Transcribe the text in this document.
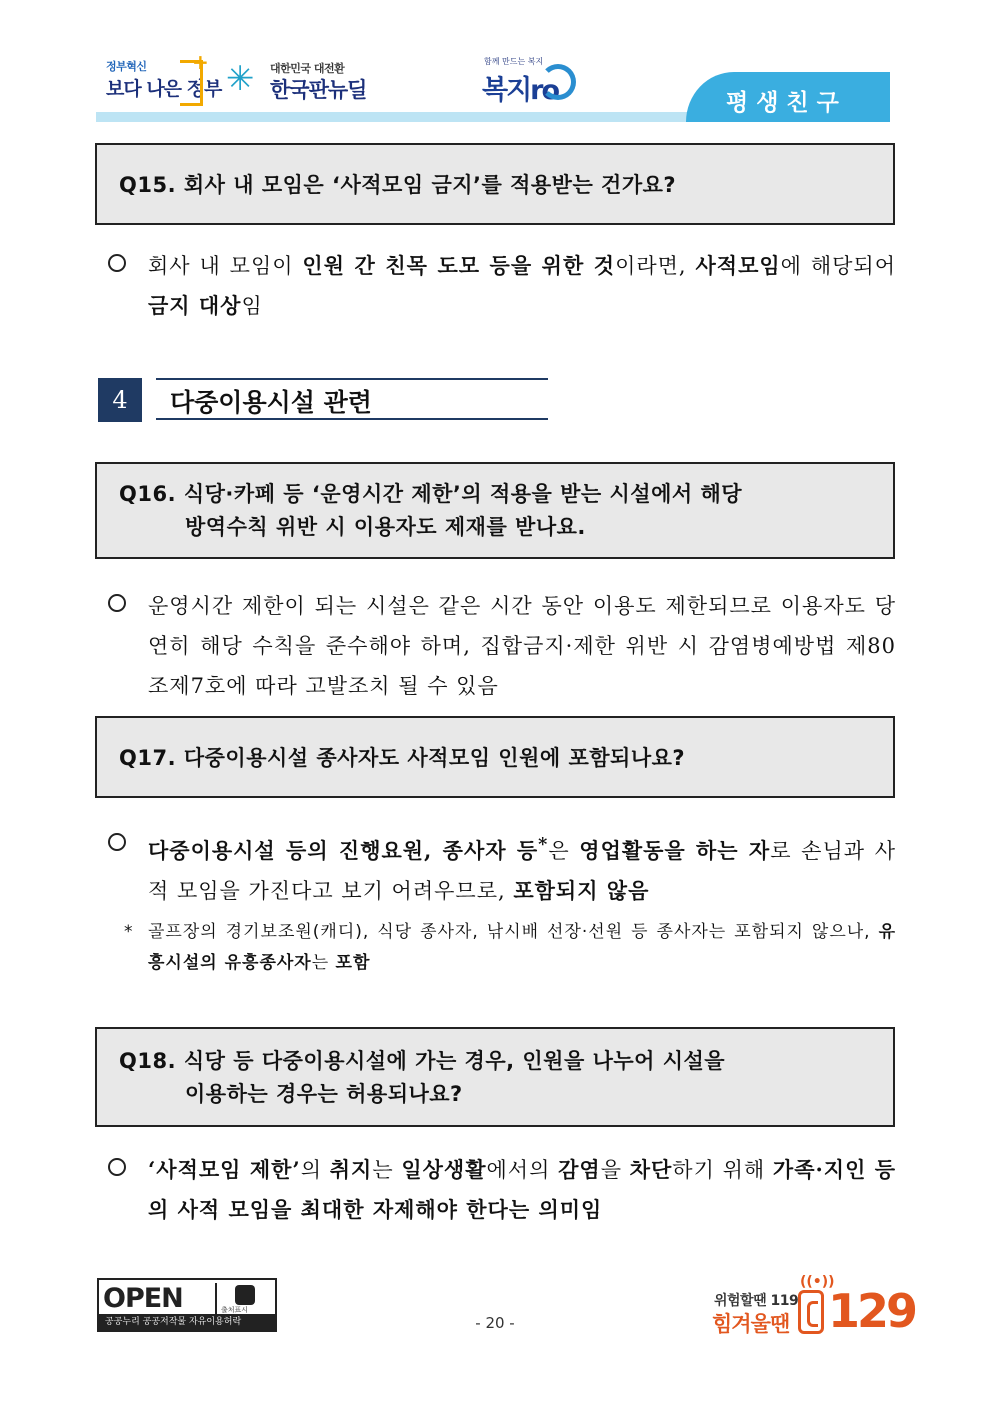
정부혁신
보다 나은 정부
+ ✳ 대한민국 대전환
한국판뉴딜
함께 만드는 복지
복지ro	평생친구
Q15. 회사 내 모임은 ‘사적모임 금지’를 적용받는 건가요?
회사 내 모임이 인원 간 친목 도모 등을 위한 것이라면, 사적모임에 해당되어 금지 대상임
4	다중이용시설 관련
Q16. 식당·카페 등 ‘운영시간 제한’의 적용을 받는 시설에서 해당
방역수칙 위반 시 이용자도 제재를 받나요.
운영시간 제한이 되는 시설은 같은 시간 동안 이용도 제한되므로 이용자도 당연히 해당 수칙을 준수해야 하며, 집합금지·제한 위반 시 감염병예방법 제80조제7호에 따라 고발조치 될 수 있음
Q17. 다중이용시설 종사자도 사적모임 인원에 포함되나요?
다중이용시설 등의 진행요원, 종사자 등*은 영업활동을 하는 자로 손님과 사적 모임을 가진다고 보기 어려우므로, 포함되지 않음
* 골프장의 경기보조원(캐디), 식당 종사자, 낚시배 선장·선원 등 종사자는 포함되지 않으나, 유흥시설의 유흥종사자는 포함
Q18. 식당 등 다중이용시설에 가는 경우, 인원을 나누어 시설을
이용하는 경우는 허용되나요?
‘사적모임 제한’의 취지는 일상생활에서의 감염을 차단하기 위해 가족·지인 등의 사적 모임을 최대한 자제해야 한다는 의미임
OPEN	출처표시
공공누리 공공저작물 자유이용허락	- 20 -
위험할땐 119
힘겨울땐
((•))
129
